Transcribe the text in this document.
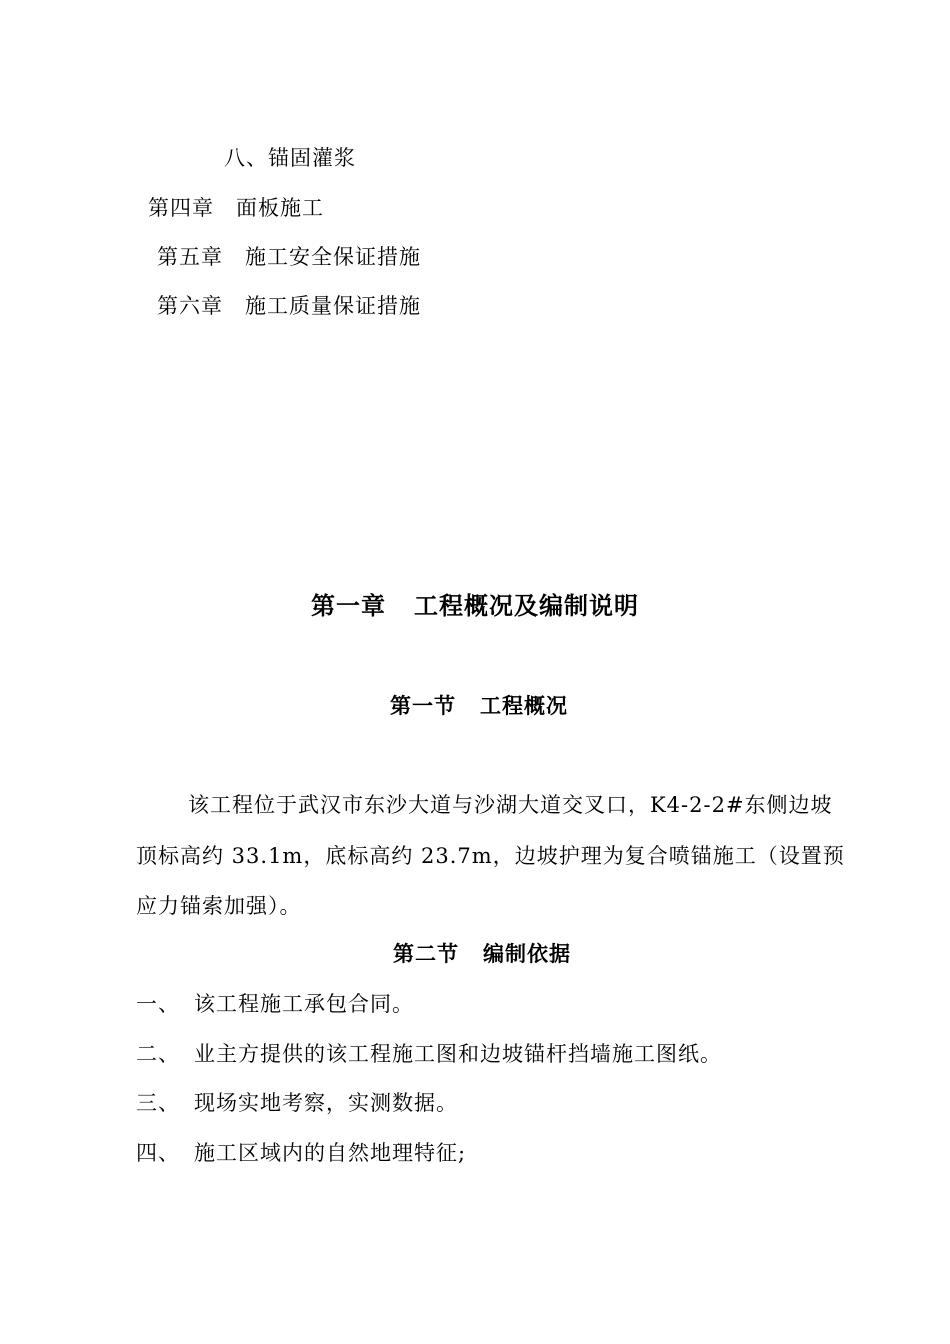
八、锚固灌浆
第四章 面板施工
第五章 施工安全保证措施
第六章 施工质量保证措施
第一章 工程概况及编制说明
第一节 工程概况
该工程位于武汉市东沙大道与沙湖大道交叉口，K4-2-2#东侧边坡
顶标高约 33.1m，底标高约 23.7m，边坡护理为复合喷锚施工（设置预
应力锚索加强）。
第二节 编制依据
一、 该工程施工承包合同。
二、 业主方提供的该工程施工图和边坡锚杆挡墙施工图纸。
三、 现场实地考察，实测数据。
四、 施工区域内的自然地理特征;
